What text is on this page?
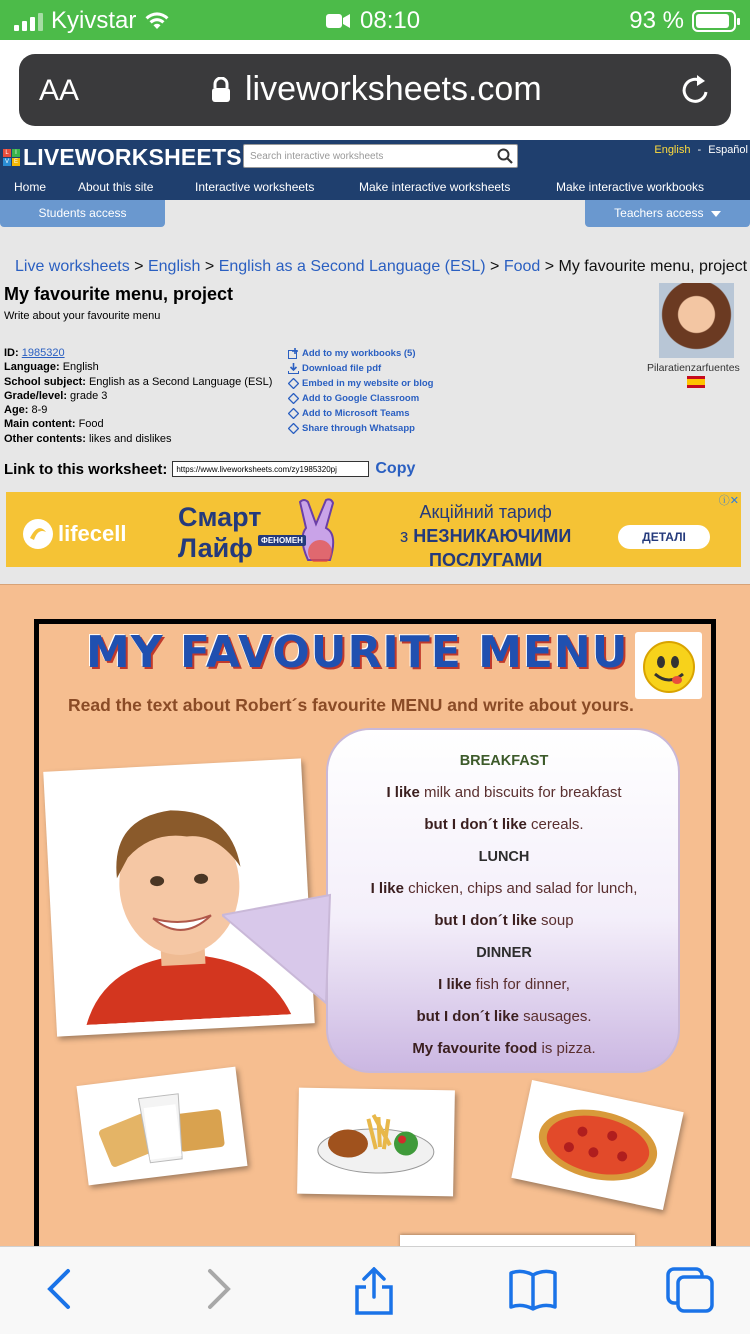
Kyivstar	08:10	93 %
AA	liveworksheets.com
L	I
V E LIVEWORKSHEETS Search interactive worksheets
English - Español
Home	About this site	Interactive worksheets	Make interactive worksheets	Make interactive workbooks
Students access	Teachers access
Live worksheets > English > English as a Second Language (ESL) > Food > My favourite menu, project
My favourite menu, project
Write about your favourite menu
ID: 1985320
Language: English
School subject: English as a Second Language (ESL)
Grade/level: grade 3
Age: 8-9
Main content: Food
Other contents: likes and dislikes
Add to my workbooks (5)
Download file pdf
Embed in my website or blog
Add to Google Classroom
Add to Microsoft Teams
Share through Whatsapp
Pilaratienzarfuentes
Link to this worksheet:
https://www.liveworksheets.com/zy1985320pj	Copy
lifecell
Смарт
Лайф	ФЕНОМЕН
Акційний тариф
з НЕЗНИКАЮЧИМИ
ПОСЛУГАМИ
ДЕТАЛІ
ⓘ✕
MY FAVOURITE MENU
Read the text about Robert´s favourite MENU and write about yours.
BREAKFAST
I like milk and biscuits for breakfast
but I don´t like cereals.
LUNCH
I like chicken, chips and salad for lunch,
but I don´t like soup
DINNER
I like fish for dinner,
but I don´t like sausages.
My favourite food is pizza.
